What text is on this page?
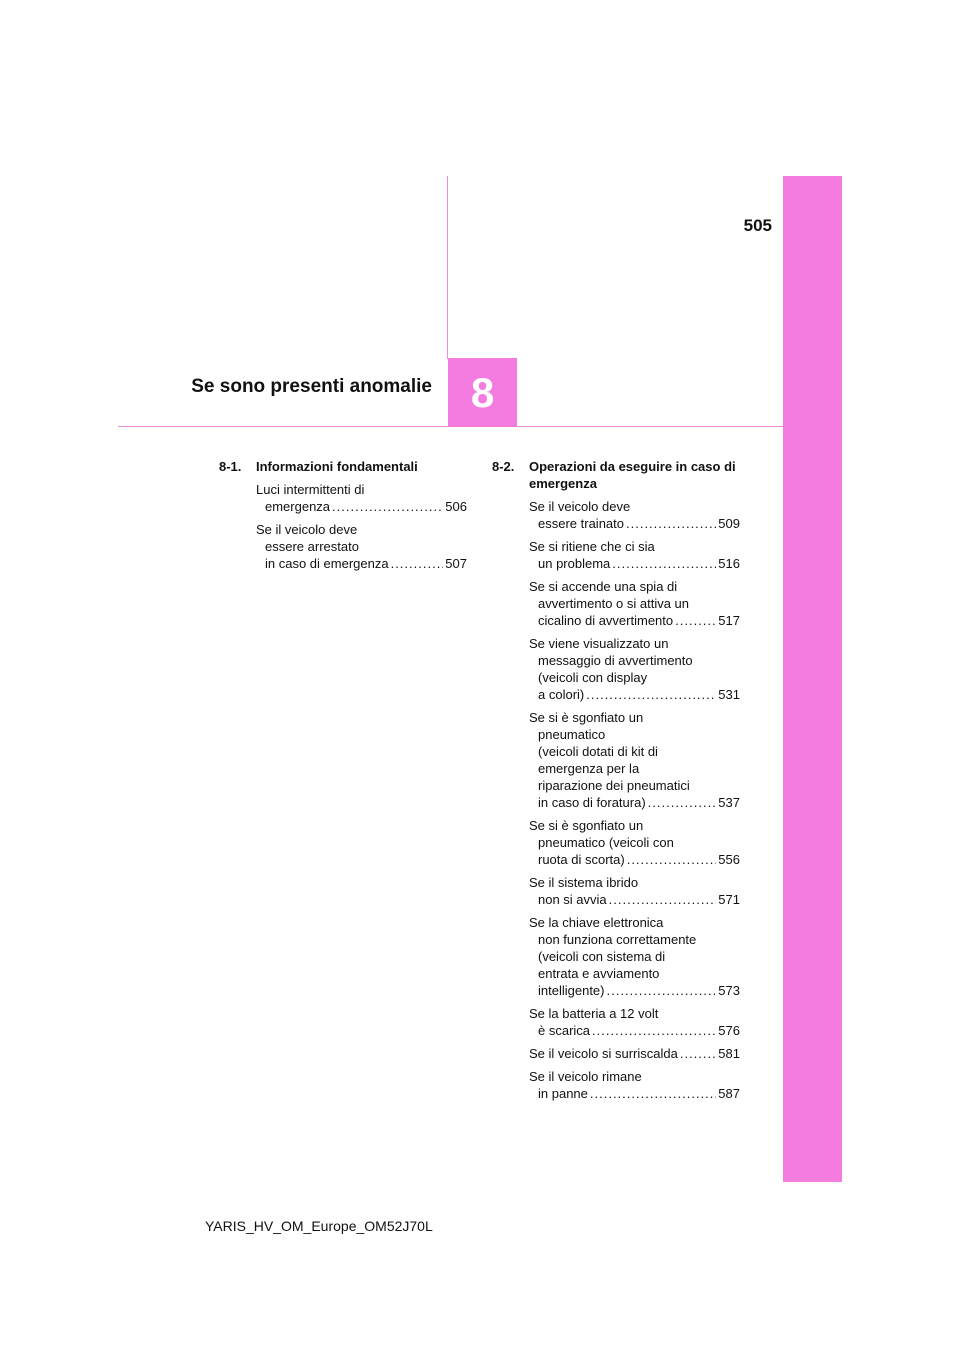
505
Se sono presenti anomalie 8
8-1.	Informazioni fondamentali
Luci intermittenti di
emergenza .....	506
Se il veicolo deve
essere arrestato
in caso di emergenza .....	507
8-2.	Operazioni da eseguire in caso di emergenza
Se il veicolo deve
essere trainato .....	509
Se si ritiene che ci sia
un problema .....	516
Se si accende una spia di
avvertimento o si attiva un
cicalino di avvertimento .....	517
Se viene visualizzato un
messaggio di avvertimento
(veicoli con display
a colori) .....	531
Se si è sgonfiato un
pneumatico
(veicoli dotati di kit di
emergenza per la
riparazione dei pneumatici
in caso di foratura) .....	537
Se si è sgonfiato un
pneumatico (veicoli con
ruota di scorta) .....	556
Se il sistema ibrido
non si avvia .....	571
Se la chiave elettronica
non funziona correttamente
(veicoli con sistema di
entrata e avviamento
intelligente) .....	573
Se la batteria a 12 volt
è scarica .....	576
Se il veicolo si surriscalda .....	581
Se il veicolo rimane
in panne .....	587
YARIS_HV_OM_Europe_OM52J70L
